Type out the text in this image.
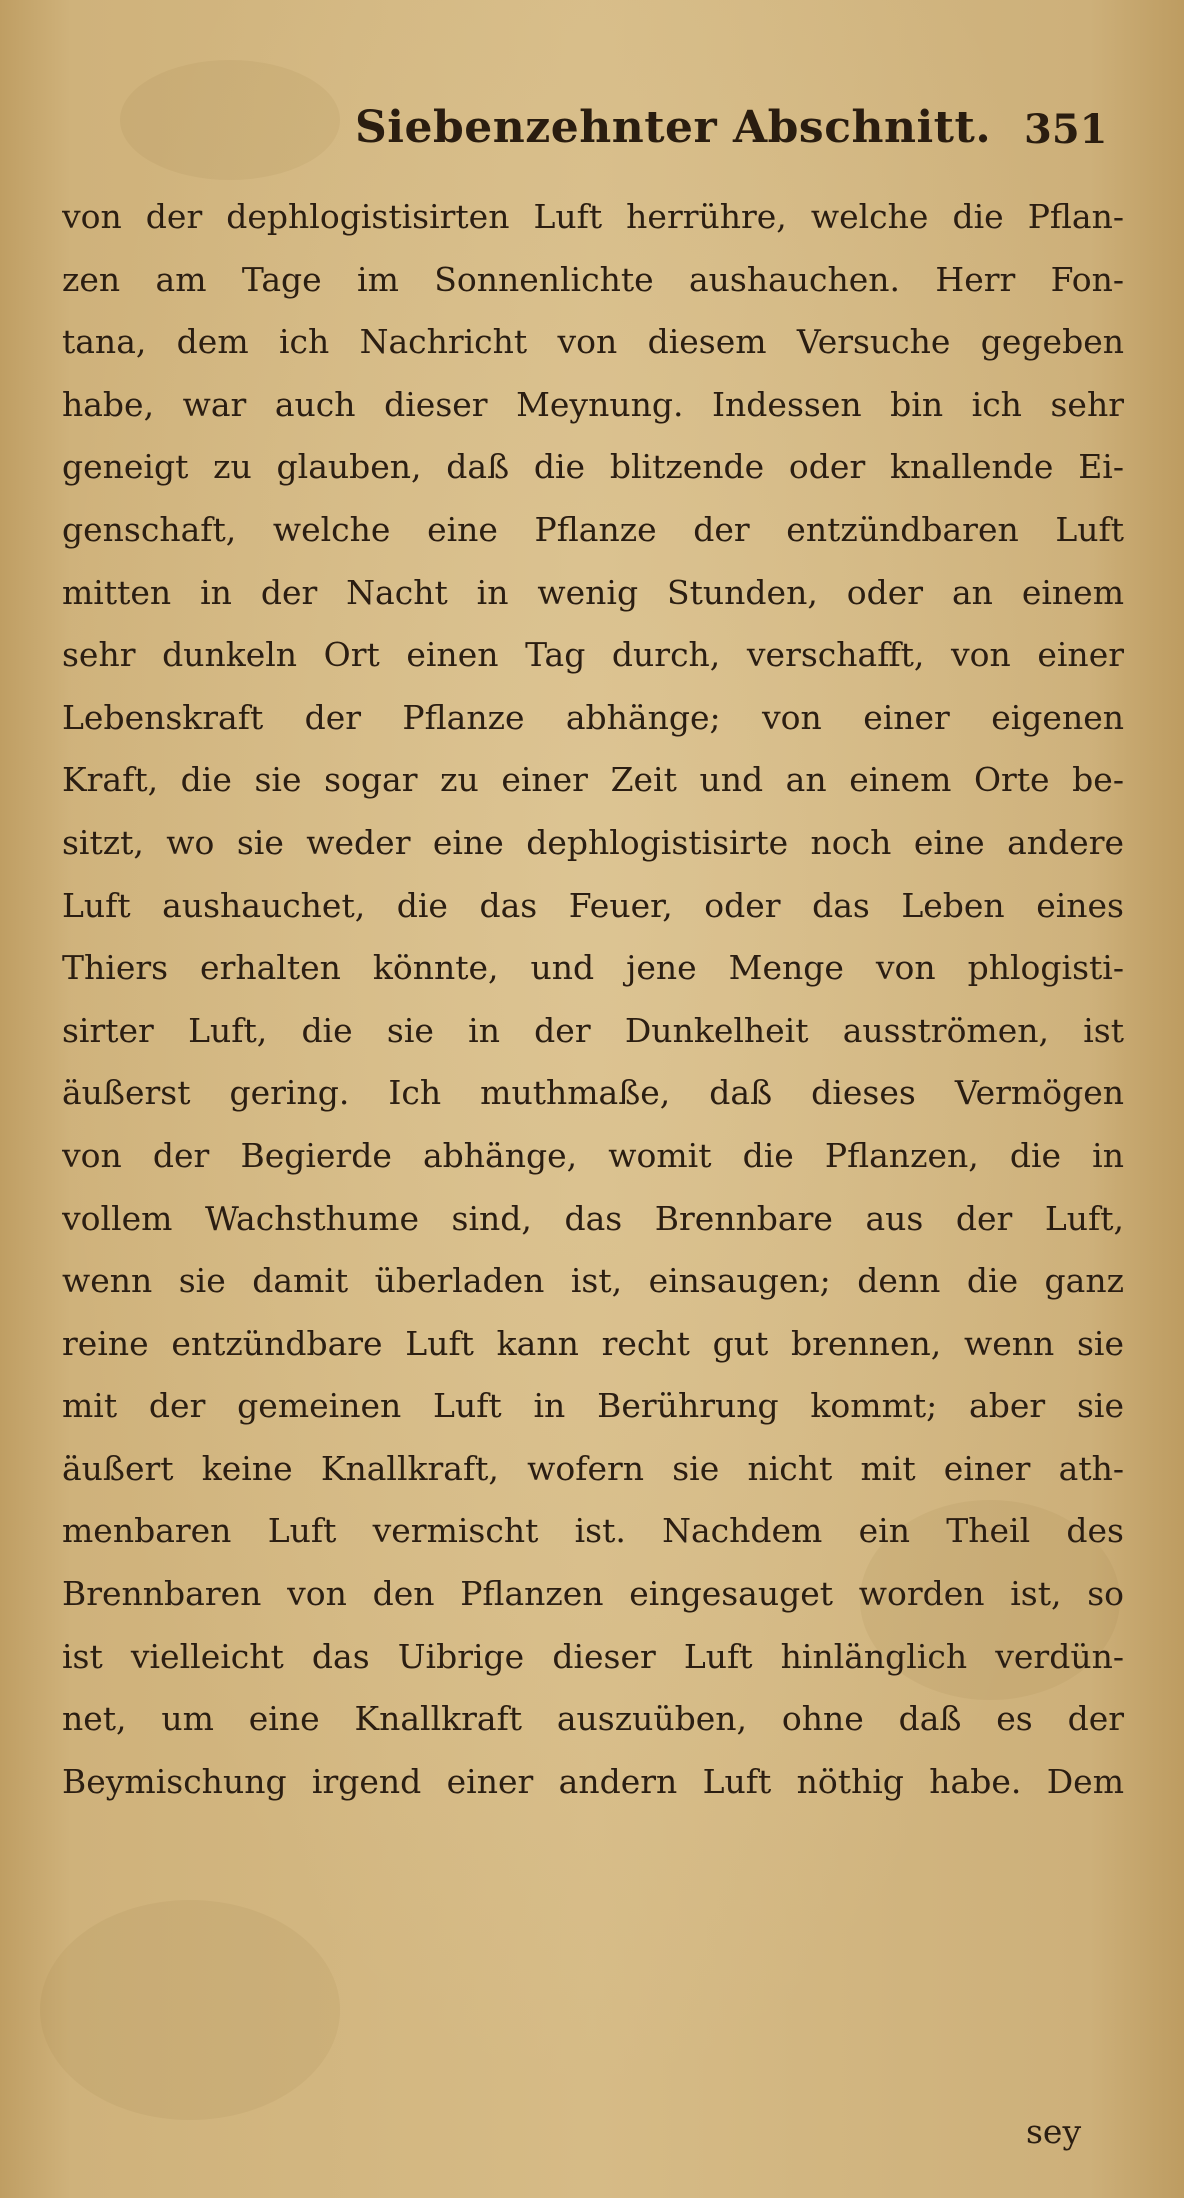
Siebenzehnter Abschnitt. 351
von der dephlogistisirten Luft herrühre, welche die Pflan-
zen am Tage im Sonnenlichte aushauchen. Herr Fon-
tana, dem ich Nachricht von diesem Versuche gegeben
habe, war auch dieser Meynung. Indessen bin ich sehr
geneigt zu glauben, daß die blitzende oder knallende Ei-
genschaft, welche eine Pflanze der entzündbaren Luft
mitten in der Nacht in wenig Stunden, oder an einem
sehr dunkeln Ort einen Tag durch, verschafft, von einer
Lebenskraft der Pflanze abhänge; von einer eigenen
Kraft, die sie sogar zu einer Zeit und an einem Orte be-
sitzt, wo sie weder eine dephlogistisirte noch eine andere
Luft aushauchet, die das Feuer, oder das Leben eines
Thiers erhalten könnte, und jene Menge von phlogisti-
sirter Luft, die sie in der Dunkelheit ausströmen, ist
äußerst gering. Ich muthmaße, daß dieses Vermögen
von der Begierde abhänge, womit die Pflanzen, die in
vollem Wachsthume sind, das Brennbare aus der Luft,
wenn sie damit überladen ist, einsaugen; denn die ganz
reine entzündbare Luft kann recht gut brennen, wenn sie
mit der gemeinen Luft in Berührung kommt; aber sie
äußert keine Knallkraft, wofern sie nicht mit einer ath-
menbaren Luft vermischt ist. Nachdem ein Theil des
Brennbaren von den Pflanzen eingesauget worden ist, so
ist vielleicht das Uibrige dieser Luft hinlänglich verdün-
net, um eine Knallkraft auszuüben, ohne daß es der
Beymischung irgend einer andern Luft nöthig habe. Dem
sey
